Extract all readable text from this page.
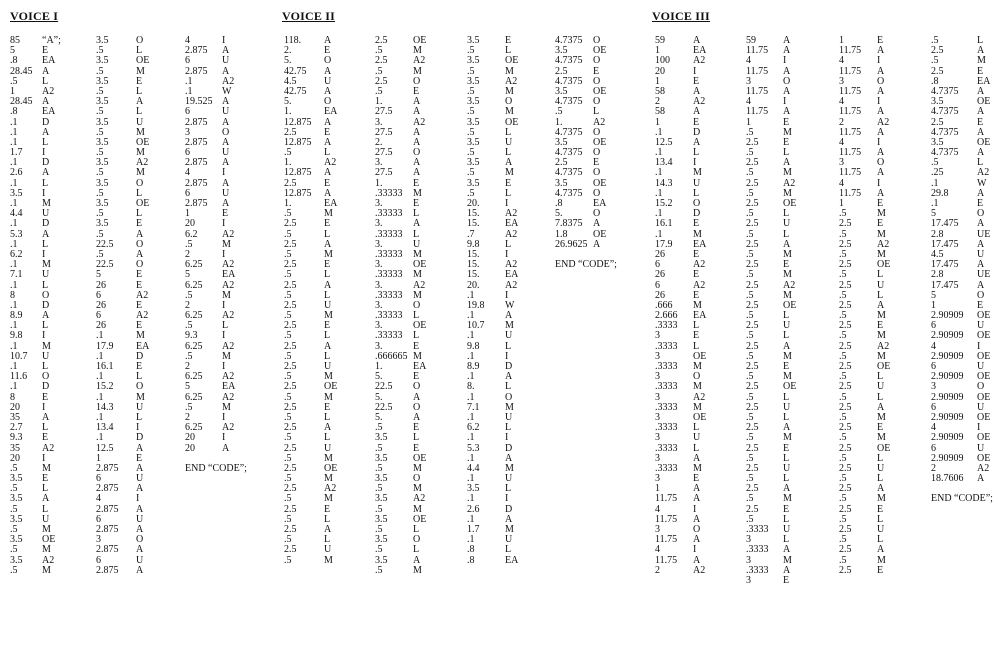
VOICE I	VOICE II	VOICE III
85	“A”;
5	E
.8	EA
28.45 A
.5	L
1	A2
28.45 A
.8	EA
.1	D
.1	A
.1	L
1.7	I
.1	D
2.6	A
.1	L
3.5	I
.1	M
4.4	U
.1	D
5.3	A
.1	L
6.2	I
.1	M
7.1	U
.1	L
8	O
.1	D
8.9	A
.1	L
9.8	I
.1	M
10.7	U
.1	L
11.6	O
.1	D
8	E
20	I
35	A
2.7	L
9.3	E
35	A2
20	I
.5	M
3.5	E
.5	L
3.5	A
.5	L
3.5	U
.5	M
3.5	OE
.5	M
3.5	A2
.5	M
3.5	O
.5	L
3.5	OE
.5	M
3.5	E
.5	L
3.5	A
.5	L
3.5	U
.5	M
3.5	OE
.5	M
3.5	A2
.5	M
3.5	O
.5	L
3.5	OE
.5	L
3.5	E
.5	A
22.5	O
.5	A
22.5	O
5	E
26	E
6	A2
26	E
6	A2
26	E
.1	M
17.9	EA
.1	D
16.1	E
.1	L
15.2	O
.1	M
14.3	U
.1	L
13.4	I
.1	D
12.5	A
1	E
2.875	A
6	U
2.875	A
4	I
2.875	A
6	U
2.875	A
3	O
2.875	A
6	U
2.875	A
4	I
2.875	A
6	U
2.875	A
.1	A2
.1	W
19.525 A
6	U
2.875	A
3	O
2.875	A
6	U
2.875	A
4	I
2.875	A
6	U
2.875	A
1	E
20	I
6.2	A2
.5	M
2	I
6.25	A2
5	EA
6.25	A2
.5	M
2	I
6.25	A2
.5	L
9.3	I
6.25	A2
.5	M
2	I
6.25	A2
5	EA
6.25	A2
.5	M
2	I
6.25	A2
20	I
20	A
END “CODE”;
118.	A
2.	E
5.	O
42.75	A
4.5	U
42.75	A
5.	O
1.	EA
12.875	A
2.5	E
12.875	A
.5	L
1.	A2
12.875	A
2.5	E
12.875	A
1.	EA
.5	M
2.5	E
.5	L
2.5	A
.5	M
2.5	E
.5	L
2.5	A
.5	L
2.5	U
.5	M
2.5	E
.5	L
2.5	A
.5	L
2.5	U
.5	M
2.5	OE
.5	M
2.5	E
.5	L
2.5	A
.5	L
2.5	U
.5	M
2.5	OE
.5	M
2.5	A2
.5	M
2.5	E
.5	L
2.5	A
.5	L
2.5	U
.5	M
2.5	OE
.5	M
2.5	A2
.5	M
2.5	O
.5	E
1.	A
27.5	A
3.	A2
27.5	A
2.	A
27.5	O
3.	A
27.5	A
1.	E
.33333	M
3.	E
.33333	L
3.	A
.33333	L
3.	U
.33333	M
3.	OE
.33333	M
3.	A2
.33333	M
3.	O
.33333	L
3.	OE
.33333	L
3.	E
.666665 M
1.	EA
5.	E
22.5	O
5.	A
22.5	O
5.	A
.5	E
3.5	L
.5	E
3.5	OE
.5	M
3.5	O
.5	M
3.5	A2
.5	M
3.5	OE
.5	L
3.5	O
.5	L
3.5	A
.5	M
3.5	E
.5	L
3.5	OE
.5	M
3.5	A2
.5	M
3.5	O
.5	M
3.5	OE
.5	L
3.5	U
.5	L
3.5	A
.5	M
3.5	E
.5	L
20.	I
15.	A2
15.	EA
.7	A2
9.8	L
15.	I
15.	A2
15.	EA
20.	A2
.1	I
19.8	W
.1	A
10.7	M
.1	U
9.8	L
.1	I
8.9	D
.1	A
8.	L
.1	O
7.1	M
.1	U
6.2	L
.1	I
5.3	D
.1	A
4.4	M
.1	U
3.5	L
.1	I
2.6	D
.1	A
1.7	M
.1	U
.8	L
.8	EA
4.7375	O
3.5	OE
4.7375	O
2.5	E
4.7375	O
3.5	OE
4.7375	O
.5	L
1.	A2
4.7375	O
3.5	OE
4.7375	O
2.5	E
4.7375	O
3.5	OE
4.7375	O
.8	EA
5.	O
7.8375	A
1.8	OE
26.9625 A
END “CODE”;
59	A
1	EA
100	A2
20	I
1	E
58	A
2	A2
58	A
1	E
.1	D
12.5	A
.1	L
13.4	I
.1	M
14.3	U
.1	L
15.2	O
.1	D
16.1	E
.1	M
17.9	EA
26	E
6	A2
26	E
6	A2
26	E
.666	M
2.666	EA
.3333	L
3	E
.3333	L
3	OE
.3333	M
3	O
.3333	M
3	A2
.3333	M
3	OE
.3333	L
3	U
.3333	L
3	A
.3333	M
3	E
1	A
11.75	A
4	I
11.75	A
3	O
11.75	A
4	I
11.75	A
2	A2
59	A
11.75	A
4	I
11.75	A
3	O
11.75	A
4	I
11.75	A
1	E
.5	M
2.5	E
.5	L
2.5	A
.5	M
2.5	A2
.5	M
2.5	OE
.5	L
2.5	U
.5	L
2.5	A
.5	M
2.5	E
.5	M
2.5	A2
.5	M
2.5	OE
.5	L
2.5	U
.5	L
2.5	A
.5	M
2.5	E
.5	M
2.5	OE
.5	L
2.5	U
.5	L
2.5	A
.5	M
2.5	E
.5	L
2.5	U
.5	L
2.5	A
.5	M
2.5	E
.5	L
.3333	U
3	L
.3333	A
3	M
.3333	A
3	E
1	E
11.75	A
4	I
11.75	A
3	O
11.75	A
4	I
11.75	A
2	A2
11.75	A
4	I
11.75	A
3	O
11.75	A
4	I
11.75	A
1	E
.5	M
2.5	E
.5	M
2.5	A2
.5	M
2.5	OE
.5	L
2.5	U
.5	L
2.5	A
.5	M
2.5	E
.5	M
2.5	A2
.5	M
2.5	OE
.5	L
2.5	U
.5	L
2.5	A
.5	M
2.5	E
.5	M
2.5	OE
.5	L
2.5	U
.5	L
2.5	A
.5	M
2.5	E
.5	L
2.5	U
.5	L
2.5	A
.5	M
2.5	E
.5	L
2.5	A
.5	M
2.5	E
.8	EA
4.7375	A
3.5	OE
4.7375	A
2.5	E
4.7375	A
3.5	OE
4.7375	A
.5	L
.25	A2
.1	W
29.8	A
.1	E
5	O
17.475	A
2.8	UE
17.475	A
4.5	U
17.475	A
2.8	UE
17.475	A
5	O
1	E
2.90909	OE
6	U
2.90909	OE
4	I
2.90909	OE
6	U
2.90909	OE
3	O
2.90909	OE
6	U
2.90909	OE
4	I
2.90909	OE
6	U
2.90909	OE
2	A2
18.7606	A
END “CODE”;
